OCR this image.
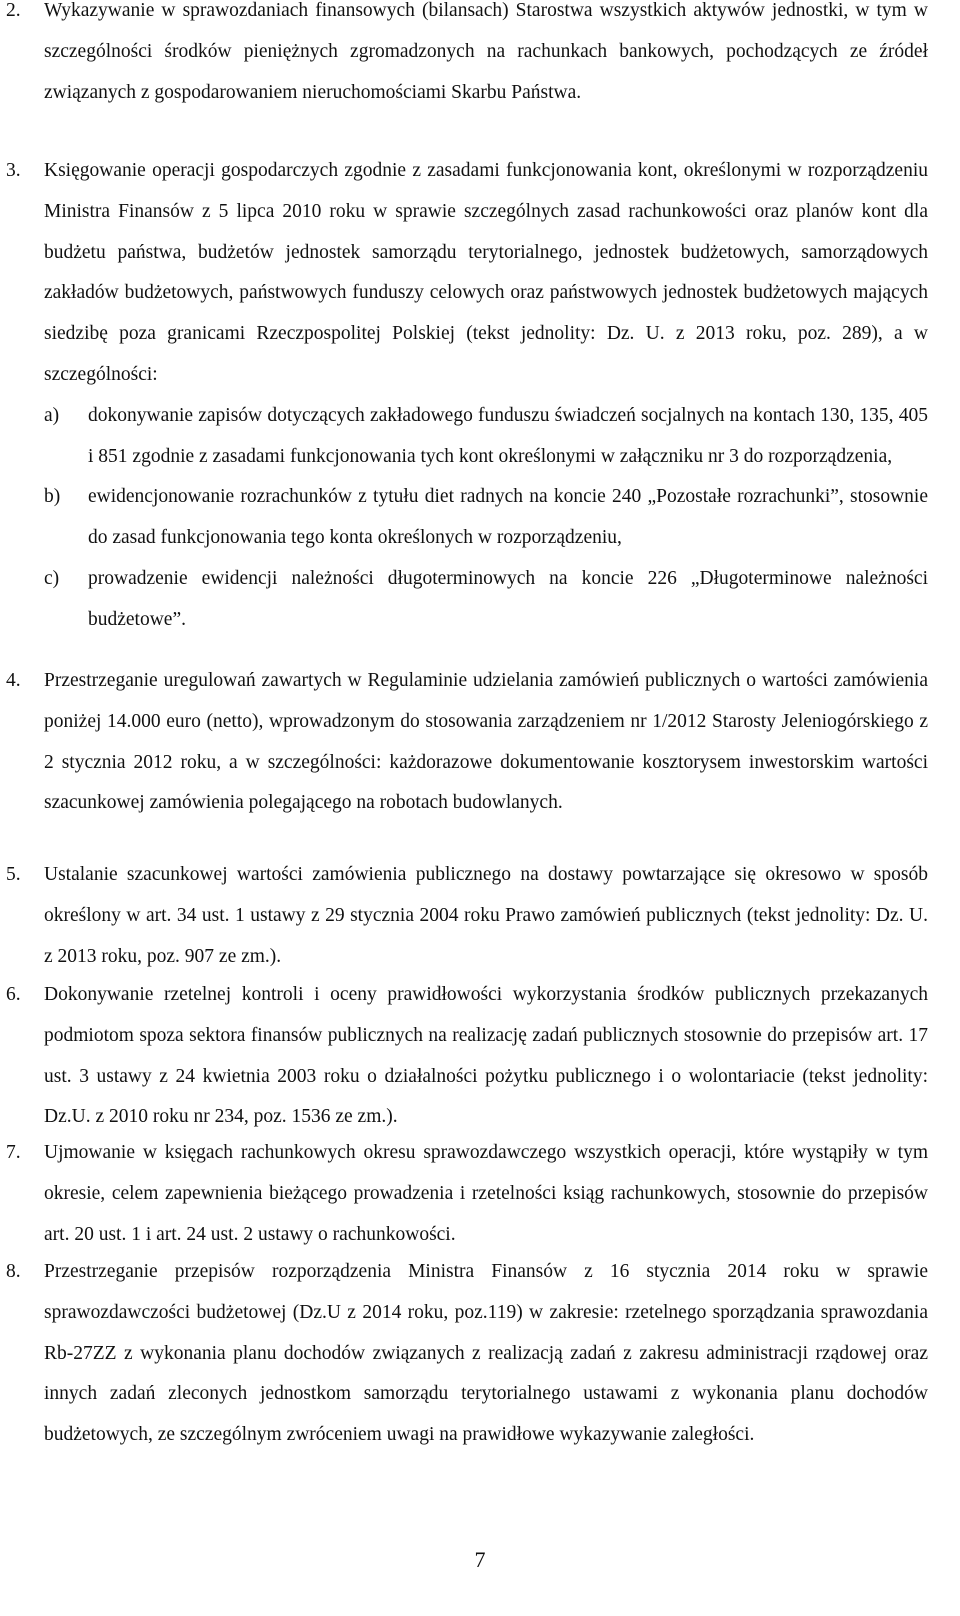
2. Wykazywanie w sprawozdaniach finansowych (bilansach) Starostwa wszystkich aktywów jednostki, w tym w szczególności środków pieniężnych zgromadzonych na rachunkach bankowych, pochodzących ze źródeł związanych z gospodarowaniem nieruchomościami Skarbu Państwa.
3. Księgowanie operacji gospodarczych zgodnie z zasadami funkcjonowania kont, określonymi w rozporządzeniu Ministra Finansów z 5 lipca 2010 roku w sprawie szczególnych zasad rachunkowości oraz planów kont dla budżetu państwa, budżetów jednostek samorządu terytorialnego, jednostek budżetowych, samorządowych zakładów budżetowych, państwowych funduszy celowych oraz państwowych jednostek budżetowych mających siedzibę poza granicami Rzeczpospolitej Polskiej (tekst jednolity: Dz. U. z 2013 roku, poz. 289), a w szczególności:
a) dokonywanie zapisów dotyczących zakładowego funduszu świadczeń socjalnych na kontach 130, 135, 405 i 851 zgodnie z zasadami funkcjonowania tych kont określonymi w załączniku nr 3 do rozporządzenia,
b) ewidencjonowanie rozrachunków z tytułu diet radnych na koncie 240 „Pozostałe rozrachunki”, stosownie do zasad funkcjonowania tego konta określonych w rozporządzeniu,
c) prowadzenie ewidencji należności długoterminowych na koncie 226 „Długoterminowe należności budżetowe”.
4. Przestrzeganie uregulowań zawartych w Regulaminie udzielania zamówień publicznych o wartości zamówienia poniżej 14.000 euro (netto), wprowadzonym do stosowania zarządzeniem nr 1/2012 Starosty Jeleniogórskiego z 2 stycznia 2012 roku, a w szczególności: każdorazowe dokumentowanie kosztorysem inwestorskim wartości szacunkowej zamówienia polegającego na robotach budowlanych.
5. Ustalanie szacunkowej wartości zamówienia publicznego na dostawy powtarzające się okresowo w sposób określony w art. 34 ust. 1 ustawy z 29 stycznia 2004 roku Prawo zamówień publicznych (tekst jednolity: Dz. U. z 2013 roku, poz. 907 ze zm.).
6. Dokonywanie rzetelnej kontroli i oceny prawidłowości wykorzystania środków publicznych przekazanych podmiotom spoza sektora finansów publicznych na realizację zadań publicznych stosownie do przepisów art. 17 ust. 3 ustawy z 24 kwietnia 2003 roku o działalności pożytku publicznego i o wolontariacie (tekst jednolity: Dz.U. z 2010 roku nr 234, poz. 1536 ze zm.).
7. Ujmowanie w księgach rachunkowych okresu sprawozdawczego wszystkich operacji, które wystąpiły w tym okresie, celem zapewnienia bieżącego prowadzenia i rzetelności ksiąg rachunkowych, stosownie do przepisów art. 20 ust. 1 i art. 24 ust. 2 ustawy o rachunkowości.
8. Przestrzeganie przepisów rozporządzenia Ministra Finansów z 16 stycznia 2014 roku w sprawie sprawozdawczości budżetowej (Dz.U z 2014 roku, poz.119) w zakresie: rzetelnego sporządzania sprawozdania Rb-27ZZ z wykonania planu dochodów związanych z realizacją zadań z zakresu administracji rządowej oraz innych zadań zleconych jednostkom samorządu terytorialnego ustawami z wykonania planu dochodów budżetowych, ze szczególnym zwróceniem uwagi na prawidłowe wykazywanie zaległości.
7
